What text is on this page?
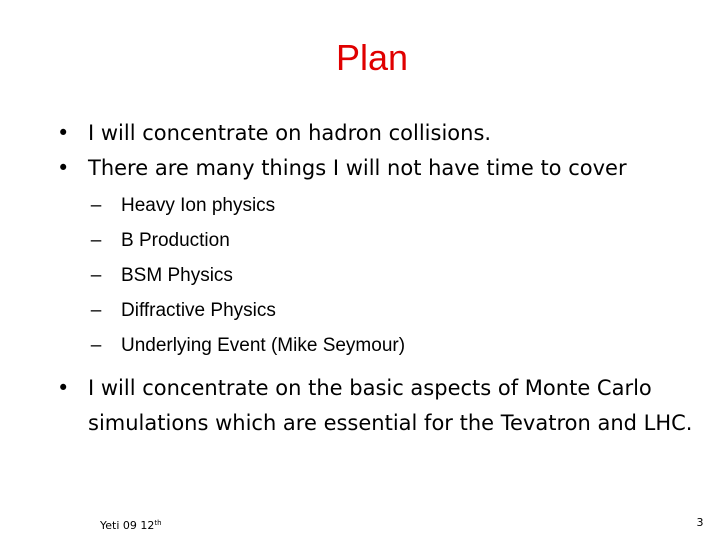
Plan
• I will concentrate on hadron collisions.
• There are many things I will not have time to cover
– Heavy Ion physics
– B Production
– BSM Physics
– Diffractive Physics
– Underlying Event (Mike Seymour)
• I will concentrate on the basic aspects of Monte Carlo simulations which are essential for the Tevatron and LHC.
Yeti 09 12th	3
